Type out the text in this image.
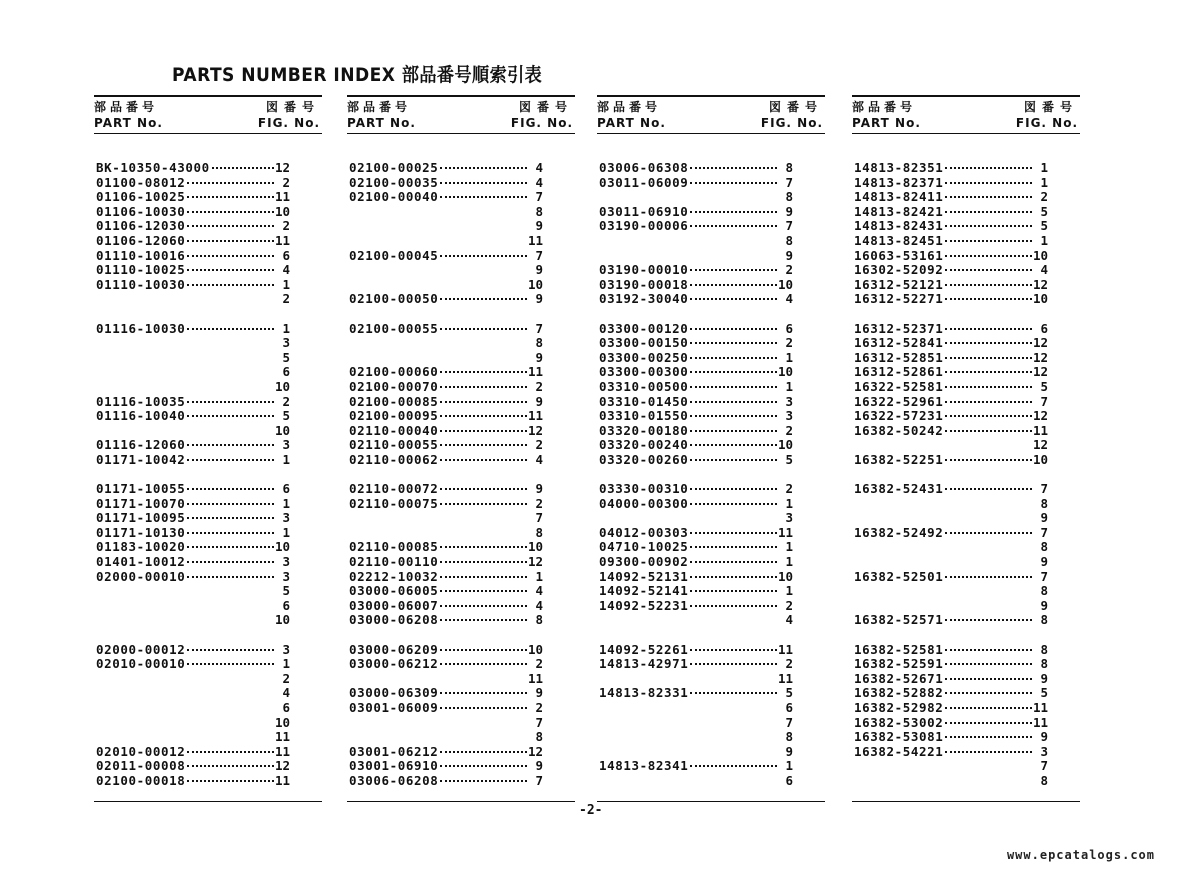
PARTS NUMBER INDEX 部品番号順索引表
部品番号
PART No.
図番号
FIG. No.
BK-10350-43000	12
01100-08012	2
01106-10025	11
01106-10030	10
01106-12030	2
01106-12060	11
01110-10016	6
01110-10025	4
01110-10030	1
2
01116-10030	1
3
5
6
10
01116-10035	2
01116-10040	5
10
01116-12060	3
01171-10042	1
01171-10055	6
01171-10070	1
01171-10095	3
01171-10130	1
01183-10020	10
01401-10012	3
02000-00010	3
5
6
10
02000-00012	3
02010-00010	1
2
4
6
10
11
02010-00012	11
02011-00008	12
02100-00018	11
部品番号
PART No.
図番号
FIG. No.
02100-00025	4
02100-00035	4
02100-00040	7
8
9
11
02100-00045	7
9
10
02100-00050	9
02100-00055	7
8
9
02100-00060	11
02100-00070	2
02100-00085	9
02100-00095	11
02110-00040	12
02110-00055	2
02110-00062	4
02110-00072	9
02110-00075	2
7
8
02110-00085	10
02110-00110	12
02212-10032	1
03000-06005	4
03000-06007	4
03000-06208	8
03000-06209	10
03000-06212	2
11
03000-06309	9
03001-06009	2
7
8
03001-06212	12
03001-06910	9
03006-06208	7
部品番号
PART No.
図番号
FIG. No.
03006-06308	8
03011-06009	7
8
03011-06910	9
03190-00006	7
8
9
03190-00010	2
03190-00018	10
03192-30040	4
03300-00120	6
03300-00150	2
03300-00250	1
03300-00300	10
03310-00500	1
03310-01450	3
03310-01550	3
03320-00180	2
03320-00240	10
03320-00260	5
03330-00310	2
04000-00300	1
3
04012-00303	11
04710-10025	1
09300-00902	1
14092-52131	10
14092-52141	1
14092-52231	2
4
14092-52261	11
14813-42971	2
11
14813-82331	5
6
7
8
9
14813-82341	1
6
部品番号
PART No.
図番号
FIG. No.
14813-82351	1
14813-82371	1
14813-82411	2
14813-82421	5
14813-82431	5
14813-82451	1
16063-53161	10
16302-52092	4
16312-52121	12
16312-52271	10
16312-52371	6
16312-52841	12
16312-52851	12
16312-52861	12
16322-52581	5
16322-52961	7
16322-57231	12
16382-50242	11
12
16382-52251	10
16382-52431	7
8
9
16382-52492	7
8
9
16382-52501	7
8
9
16382-52571	8
16382-52581	8
16382-52591	8
16382-52671	9
16382-52882	5
16382-52982	11
16382-53002	11
16382-53081	9
16382-54221	3
7
8
-2-
www.epcatalogs.com
